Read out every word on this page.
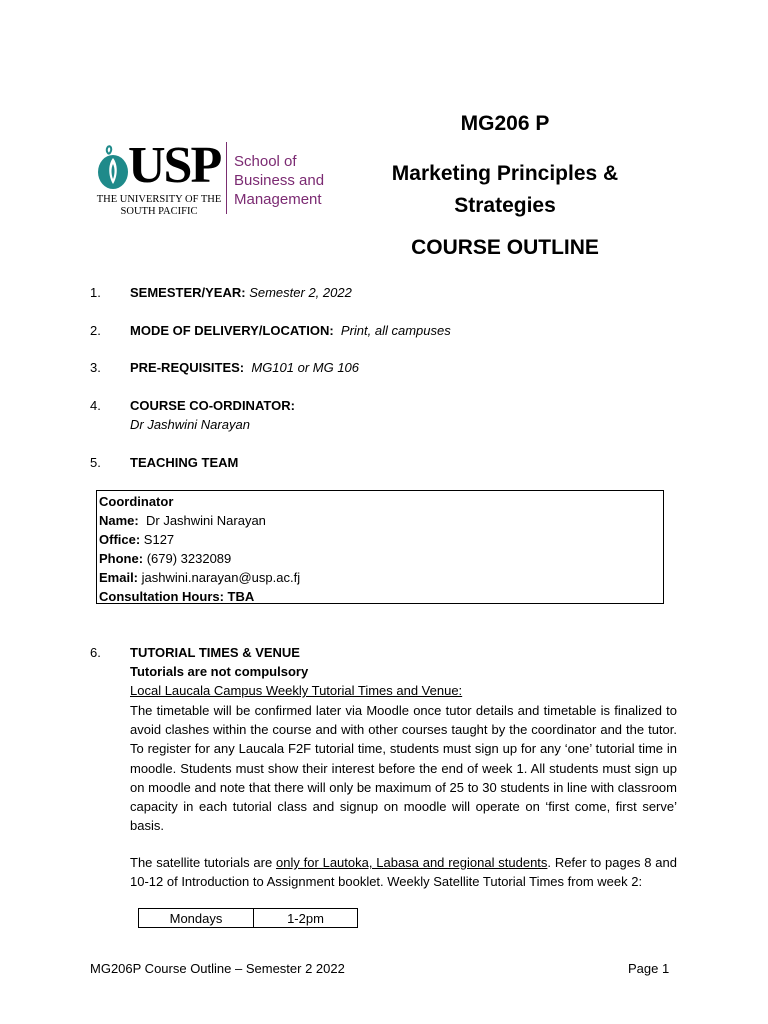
USP
THE UNIVERSITY OF THE
SOUTH PACIFIC
School of
Business and
Management
MG206 P
Marketing Principles &
Strategies
COURSE OUTLINE
1. SEMESTER/YEAR: Semester 2, 2022
2. MODE OF DELIVERY/LOCATION: Print, all campuses
3. PRE-REQUISITES: MG101 or MG 106
4. COURSE CO-ORDINATOR:
Dr Jashwini Narayan
5. TEACHING TEAM
Coordinator
Name: Dr Jashwini Narayan
Office: S127
Phone: (679) 3232089
Email: jashwini.narayan@usp.ac.fj
Consultation Hours: TBA
6. TUTORIAL TIMES & VENUE
Tutorials are not compulsory
Local Laucala Campus Weekly Tutorial Times and Venue:
The timetable will be confirmed later via Moodle once tutor details and timetable is finalized to avoid clashes within the course and with other courses taught by the coordinator and the tutor. To register for any Laucala F2F tutorial time, students must sign up for any ‘one’ tutorial time in moodle. Students must show their interest before the end of week 1. All students must sign up on moodle and note that there will only be maximum of 25 to 30 students in line with classroom capacity in each tutorial class and signup on moodle will operate on ‘first come, first serve’ basis.
The satellite tutorials are only for Lautoka, Labasa and regional students. Refer to pages 8 and 10-12 of Introduction to Assignment booklet. Weekly Satellite Tutorial Times from week 2:
Mondays	1-2pm
MG206P Course Outline – Semester 2 2022	Page 1
